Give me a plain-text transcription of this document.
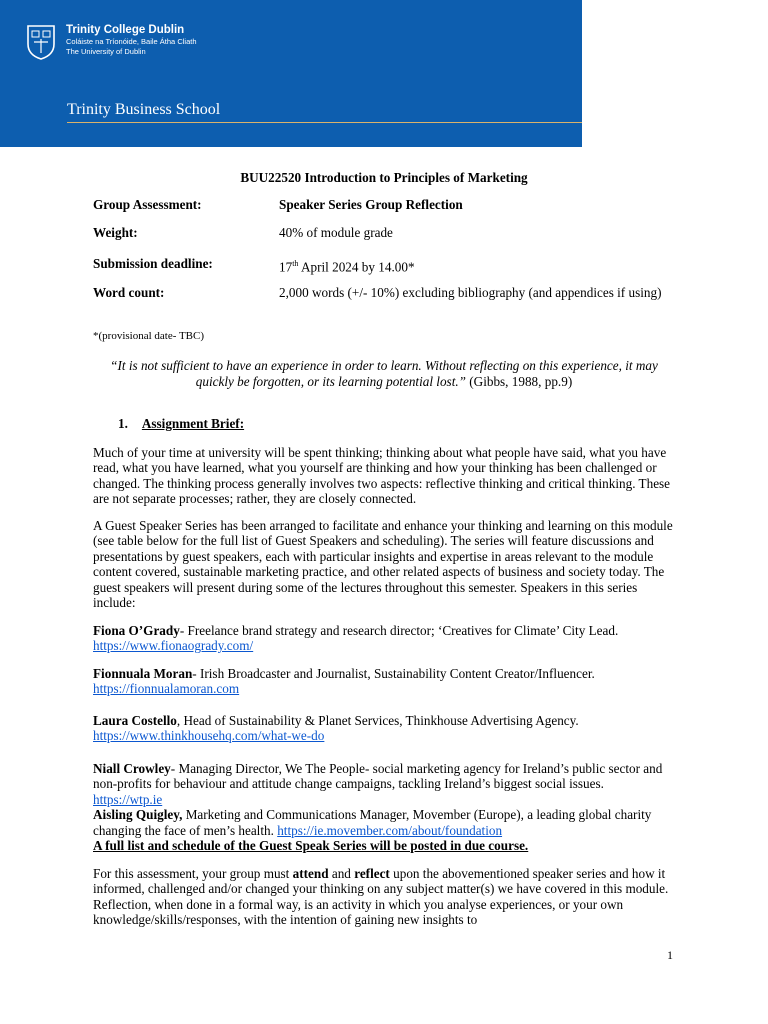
Trinity College Dublin
Coláiste na Tríonóide, Baile Átha Cliath
The University of Dublin
Trinity Business School
BUU22520 Introduction to Principles of Marketing
Group Assessment:	Speaker Series Group Reflection
Weight:	40% of module grade
Submission deadline:	17th April 2024 by 14.00*
Word count:	2,000 words (+/- 10%) excluding bibliography (and appendices if using)
*(provisional date- TBC)
“It is not sufficient to have an experience in order to learn. Without reflecting on this experience, it may quickly be forgotten, or its learning potential lost.” (Gibbs, 1988, pp.9)
1. Assignment Brief:
Much of your time at university will be spent thinking; thinking about what people have said, what you have read, what you have learned, what you yourself are thinking and how your thinking has been challenged or changed. The thinking process generally involves two aspects: reflective thinking and critical thinking. These are not separate processes; rather, they are closely connected.
A Guest Speaker Series has been arranged to facilitate and enhance your thinking and learning on this module (see table below for the full list of Guest Speakers and scheduling). The series will feature discussions and presentations by guest speakers, each with particular insights and expertise in areas relevant to the module content covered, sustainable marketing practice, and other related aspects of business and society today. The guest speakers will present during some of the lectures throughout this semester. Speakers in this series include:
Fiona O’Grady- Freelance brand strategy and research director; ‘Creatives for Climate’ City Lead.
https://www.fionaogrady.com/
Fionnuala Moran- Irish Broadcaster and Journalist, Sustainability Content Creator/Influencer.
https://fionnualamoran.com
Laura Costello, Head of Sustainability & Planet Services, Thinkhouse Advertising Agency.
https://www.thinkhousehq.com/what-we-do
Niall Crowley- Managing Director, We The People- social marketing agency for Ireland’s public sector and non-profits for behaviour and attitude change campaigns, tackling Ireland’s biggest social issues. https://wtp.ie
Aisling Quigley, Marketing and Communications Manager, Movember (Europe), a leading global charity changing the face of men’s health. https://ie.movember.com/about/foundation
A full list and schedule of the Guest Speak Series will be posted in due course.
For this assessment, your group must attend and reflect upon the abovementioned speaker series and how it informed, challenged and/or changed your thinking on any subject matter(s) we have covered in this module. Reflection, when done in a formal way, is an activity in which you analyse experiences, or your own knowledge/skills/responses, with the intention of gaining new insights to
1
